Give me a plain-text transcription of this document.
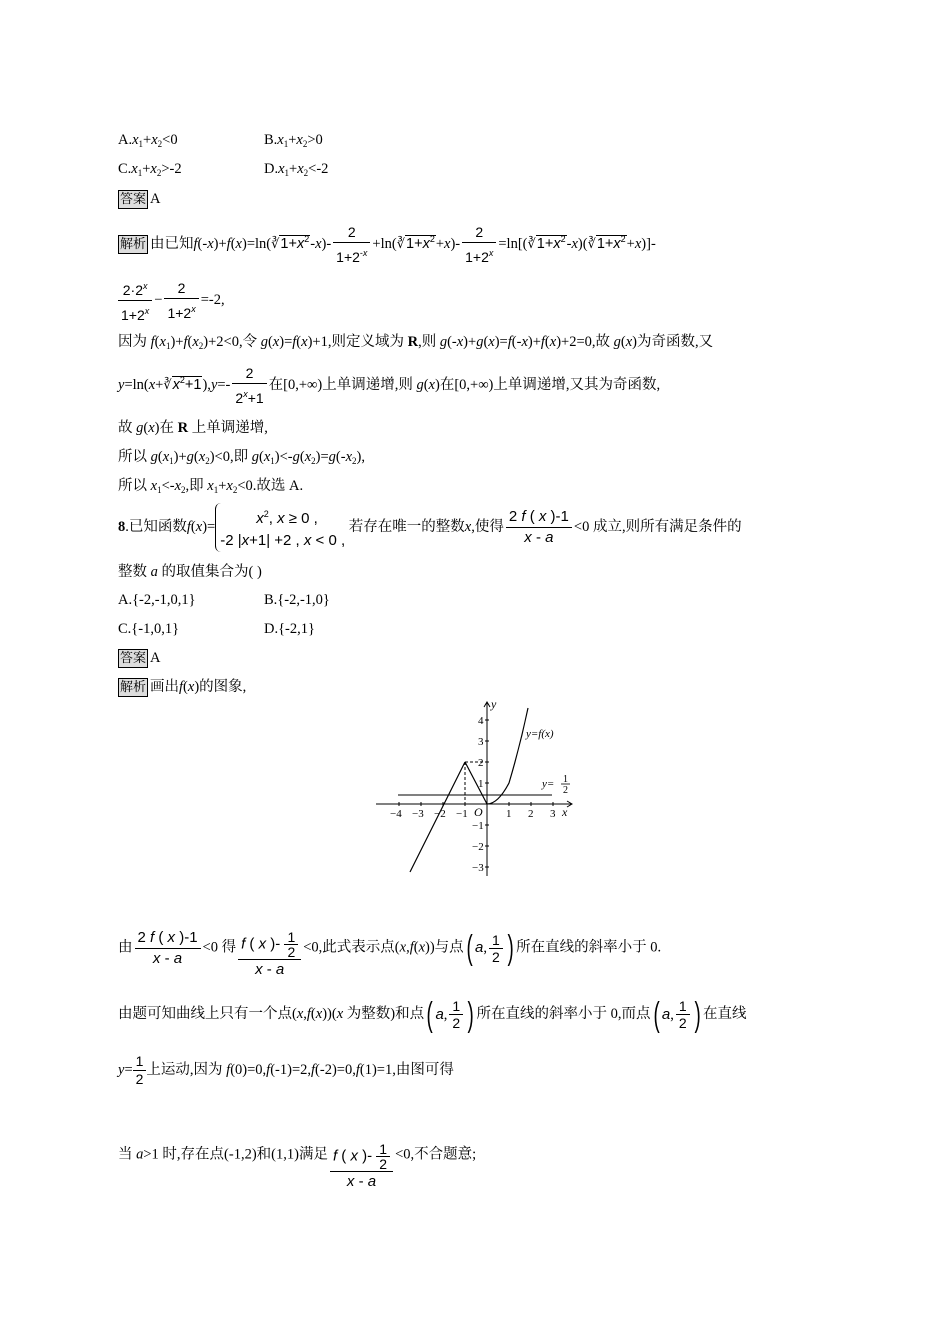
$A.x_1+x_2<0$	$B.x_1+x_2>0$
$C.x_1+x_2>-2$	$D.x_1+x_2<-2$
答案 A
解析 由已知$f(-x)+f(x)=\ln(∛1+x^2-x)- \frac{2}{1+2^{-x}}$ $+\ln(∛1+x^2+x)- \frac{2}{1+2^x}$ $=\ln[(∛1+x^2-x)(∛1+x^2+x)]-$
$\frac{2\cdot 2^x}{1+2^x} - \frac{2}{1+2^x} =-2$,
因为 $f(x_1)+f(x_2)+2<0$,令 g(x)=f(x)+1,则定义域为 R,则 g(-x)+g(x)=f(-x)+f(x)+2=0,故 g(x)为奇函数,又
$y=\ln(x+∛x^2+1),y=- \frac{2}{2^x+1}$ 在[0,+∞)上单调递增,则 g(x)在[0,+∞)上单调递增,又其为奇函数,
故 g(x)在 R 上单调递增,
所以 $g(x_1)+g(x_2)<0$,即 $g(x_1)<-g(x_2)=g(-x_2)$,
所以 $x_1<-x_2$,即 $x_1+x_2<0$.故选 A.
8.已知函数f(x)=	$x^2$, x ≥ 0 ,
-2 |x+1| +2 , x < 0 ,
若存在唯一的整数x,使得 $\frac{2 f ( x )-1}{x - a} <0$ 成立,则所有满足条件的
整数 a 的取值集合为( )
A.{-2,-1,0,1}	B.{-2,-1,0}
C.{-1,0,1}	D.{-2,1}
答案 A
解析 画出f(x)的图象,
y
x
O
y=f(x)
y= 1
2
−4 −3 −2 −1	1 2 3
4
3
2
1
−1
−2
−3
由 $\frac{2 f ( x )-1}{x - a} <0$ 得 $\frac{f ( x )- \frac{1}{2}}{x - a} <0$,此式表示点(x,f(x))与点 ( a , $\frac{1}{2}$ ) 所在直线的斜率小于 0.
由题可知曲线上只有一个点(x,f(x))(x 为整数)和点 ( a , $\frac{1}{2}$ ) 所在直线的斜率小于 0,而点 ( a , $\frac{1}{2}$ ) 在直线
$y= \frac{1}{2}$ 上运动,因为 f(0)=0,f(-1)=2,f(-2)=0,f(1)=1,由图可得
当 a>1 时,存在点(-1,2)和(1,1)满足 $\frac{f ( x )- \frac{1}{2}}{x - a} <0$,不合题意;
